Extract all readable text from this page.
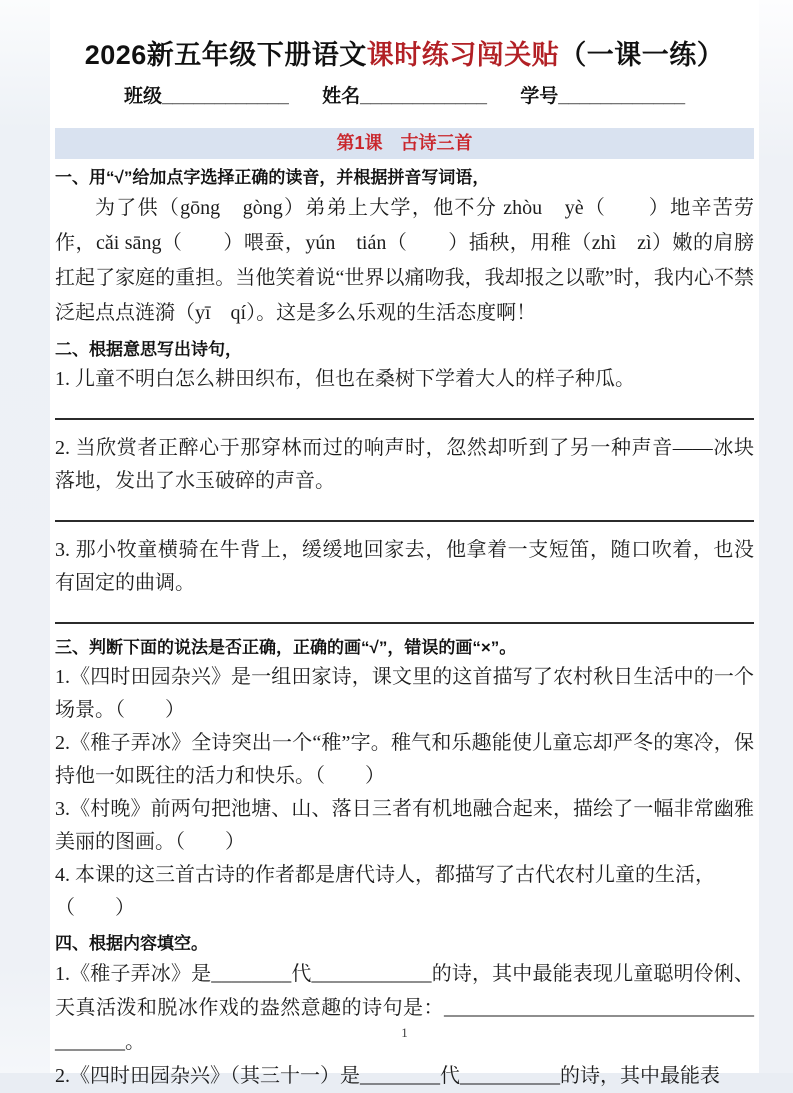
2026新五年级下册语文课时练习闯关贴（一课一练）
班级____________ 姓名____________ 学号____________
第1课　古诗三首
一、用“√”给加点字选择正确的读音，并根据拼音写词语，
为了供（gōng　gòng）弟弟上大学，他不分 zhòu　yè（　　）地辛苦劳作，cǎi sāng（　　）喂蚕，yún　tián（　　）插秧，用稚（zhì　zì）嫩的肩膀扛起了家庭的重担。当他笑着说“世界以痛吻我，我却报之以歌”时，我内心不禁泛起点点涟漪（yī　qí）。这是多么乐观的生活态度啊！
二、根据意思写出诗句，
1. 儿童不明白怎么耕田织布，但也在桑树下学着大人的样子种瓜。
2. 当欣赏者正醉心于那穿林而过的响声时，忽然却听到了另一种声音——冰块落地，发出了水玉破碎的声音。
3. 那小牧童横骑在牛背上，缓缓地回家去，他拿着一支短笛，随口吹着，也没有固定的曲调。
三、判断下面的说法是否正确，正确的画“√”，错误的画“×”。
1.《四时田园杂兴》是一组田家诗，课文里的这首描写了农村秋日生活中的一个场景。（　　）
2.《稚子弄冰》全诗突出一个“稚”字。稚气和乐趣能使儿童忘却严冬的寒冷，保持他一如既往的活力和快乐。（　　）
3.《村晚》前两句把池塘、山、落日三者有机地融合起来，描绘了一幅非常幽雅美丽的图画。（　　）
4. 本课的这三首古诗的作者都是唐代诗人，都描写了古代农村儿童的生活，
（　　）
四、根据内容填空。
1.《稚子弄冰》是________代____________的诗，其中最能表现儿童聪明伶俐、天真活泼和脱冰作戏的盎然意趣的诗句是：______________________________________。
2.《四时田园杂兴》（其三十一）是________代__________的诗，其中最能表
1
